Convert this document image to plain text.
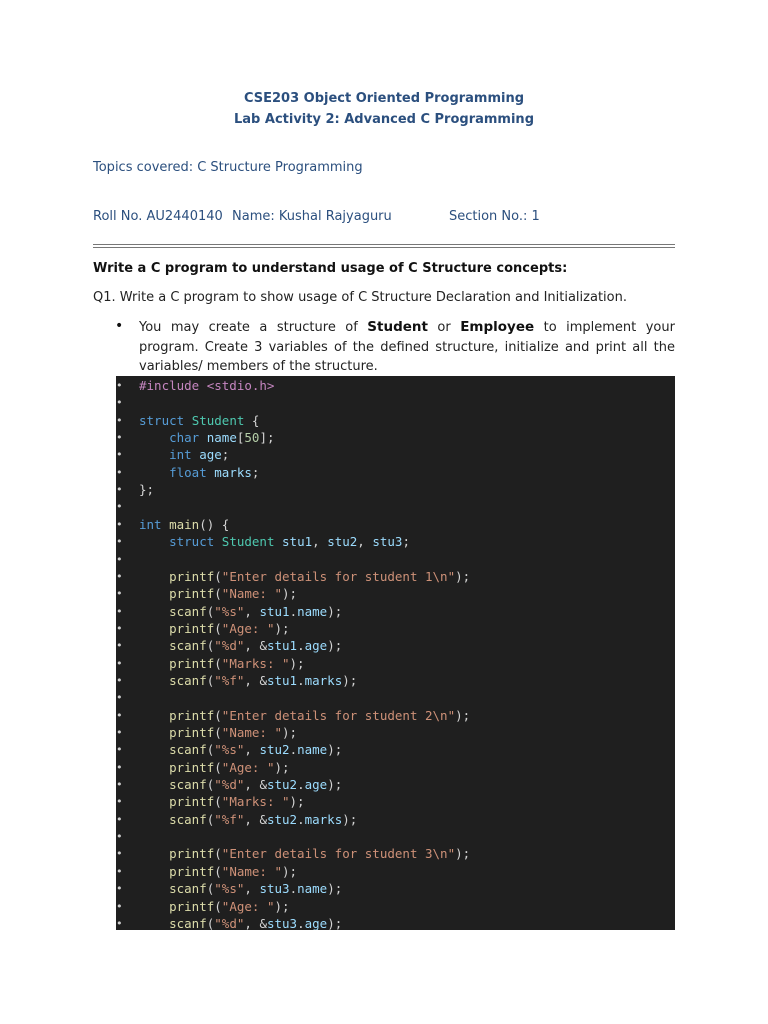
CSE203 Object Oriented Programming
Lab Activity 2: Advanced C Programming
Topics covered: C Structure Programming
Roll No. AU2440140 Name: Kushal Rajyaguru	Section No.: 1
Write a C program to understand usage of C Structure concepts:
Q1. Write a C program to show usage of C Structure Declaration and Initialization.
• You may create a structure of Student or Employee to implement your program. Create 3 variables of the defined structure, initialize and print all the variables/ members of the structure.
• #include <stdio.h>
•
• struct Student {
•	char name[50];
•	int age;
•	float marks;
• };
•
• int main() {
•	struct Student stu1, stu2, stu3;
•
•	printf("Enter details for student 1\n");
•	printf("Name: ");
•	scanf("%s", stu1.name);
•	printf("Age: ");
•	scanf("%d", &stu1.age);
•	printf("Marks: ");
•	scanf("%f", &stu1.marks);
•
•	printf("Enter details for student 2\n");
•	printf("Name: ");
•	scanf("%s", stu2.name);
•	printf("Age: ");
•	scanf("%d", &stu2.age);
•	printf("Marks: ");
•	scanf("%f", &stu2.marks);
•
•	printf("Enter details for student 3\n");
•	printf("Name: ");
•	scanf("%s", stu3.name);
•	printf("Age: ");
•	scanf("%d", &stu3.age);
